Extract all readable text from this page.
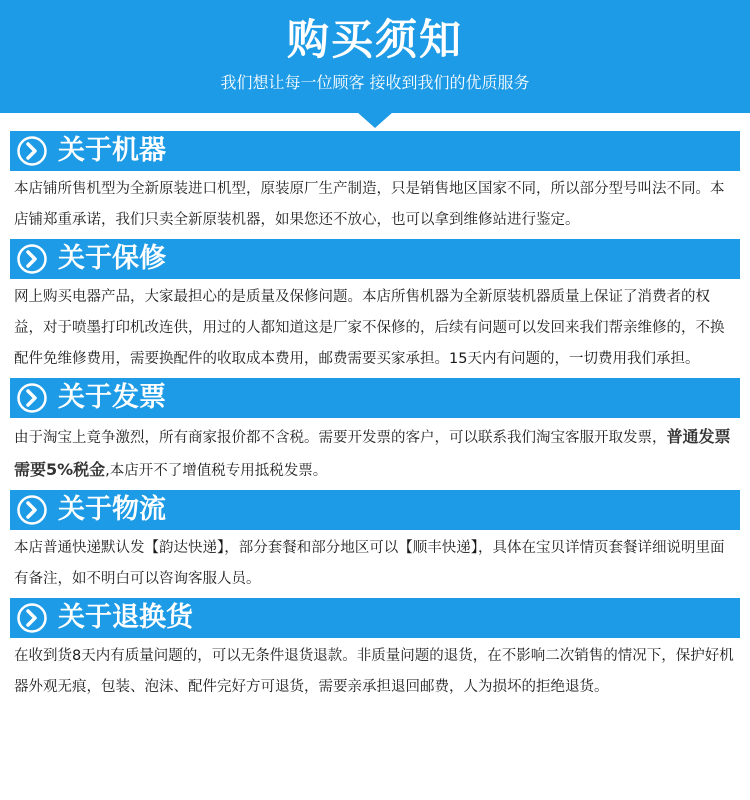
购买须知
我们想让每一位顾客 接收到我们的优质服务
关于机器

本店铺所售机型为全新原装进口机型，原装原厂生产制造，只是销售地区国家不同，所以部分型号叫法不同。本店铺郑重承诺，我们只卖全新原装机器，如果您还不放心，也可以拿到维修站进行鉴定。

关于保修

网上购买电器产品，大家最担心的是质量及保修问题。本店所售机器为全新原装机器质量上保证了消费者的权益，对于喷墨打印机改连供，用过的人都知道这是厂家不保修的，后续有问题可以发回来我们帮亲维修的，不换配件免维修费用，需要换配件的收取成本费用，邮费需要买家承担。15天内有问题的，一切费用我们承担。

关于发票

由于淘宝上竟争激烈，所有商家报价都不含税。需要开发票的客户，可以联系我们淘宝客服开取发票，普通发票需要5%税金,本店开不了增值税专用抵税发票。

关于物流

本店普通快递默认发【韵达快递】，部分套餐和部分地区可以【顺丰快递】，具体在宝贝详情页套餐详细说明里面有备注，如不明白可以咨询客服人员。

关于退换货

在收到货8天内有质量问题的，可以无条件退货退款。非质量问题的退货，在不影响二次销售的情况下，保护好机器外观无痕，包装、泡沫、配件完好方可退货，需要亲承担退回邮费，人为损坏的拒绝退货。
